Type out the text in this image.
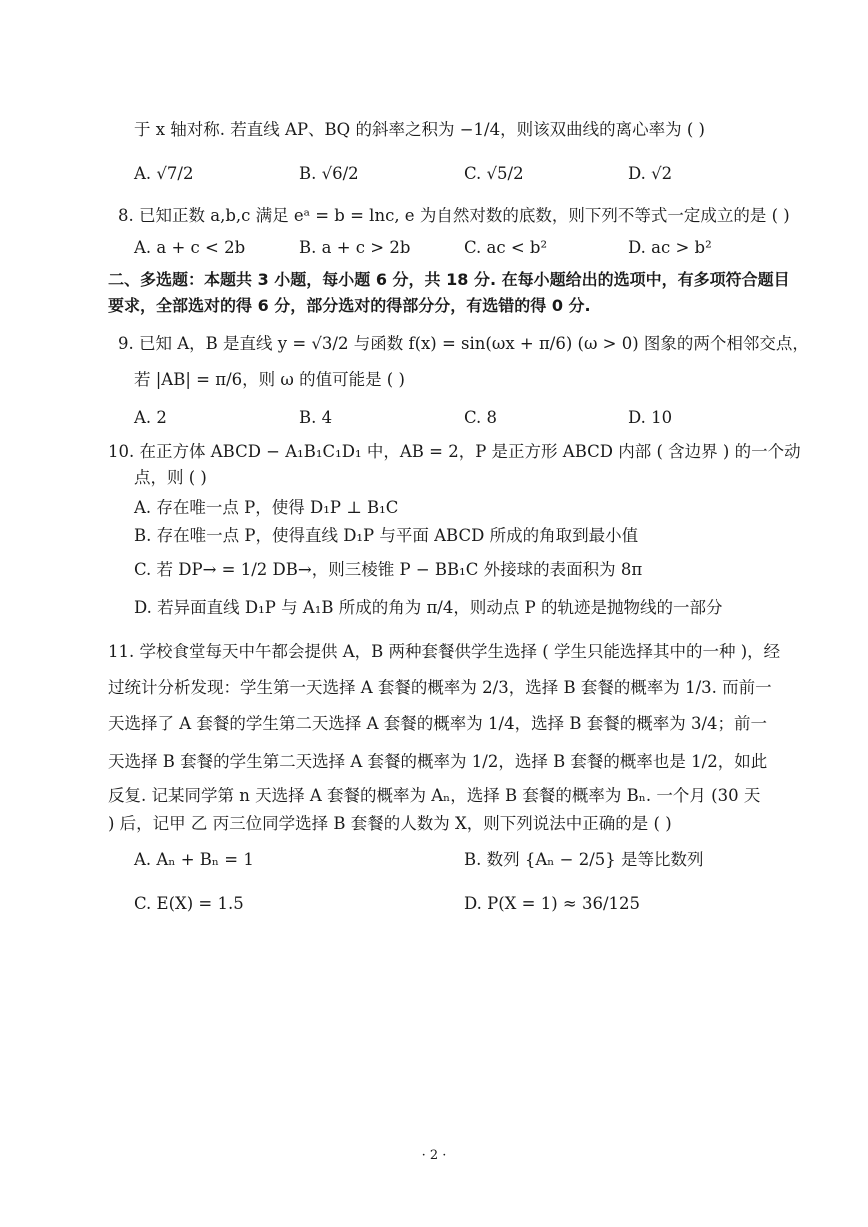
于 x 轴对称. 若直线 AP、BQ 的斜率之积为 −1/4，则该双曲线的离心率为 ( )
A. √7/2	B. √6/2	C. √5/2	D. √2
8. 已知正数 a,b,c 满足 eᵃ = b = lnc, e 为自然对数的底数，则下列不等式一定成立的是 ( )
A. a + c < 2b	B. a + c > 2b	C. ac < b²	D. ac > b²
二、多选题：本题共 3 小题，每小题 6 分，共 18 分. 在每小题给出的选项中，有多项符合题目
要求，全部选对的得 6 分，部分选对的得部分分，有选错的得 0 分.
9. 已知 A，B 是直线 y = √3/2 与函数 f(x) = sin(ωx + π/6) (ω > 0) 图象的两个相邻交点，
若 |AB| = π/6，则 ω 的值可能是 ( )
A. 2	B. 4	C. 8	D. 10
10. 在正方体 ABCD − A₁B₁C₁D₁ 中，AB = 2，P 是正方形 ABCD 内部 ( 含边界 ) 的一个动
点，则 ( )
A. 存在唯一点 P，使得 D₁P ⊥ B₁C
B. 存在唯一点 P，使得直线 D₁P 与平面 ABCD 所成的角取到最小值
C. 若 DP→ = 1/2 DB→，则三棱锥 P − BB₁C 外接球的表面积为 8π
D. 若异面直线 D₁P 与 A₁B 所成的角为 π/4，则动点 P 的轨迹是抛物线的一部分
11. 学校食堂每天中午都会提供 A，B 两种套餐供学生选择 ( 学生只能选择其中的一种 )，经
过统计分析发现：学生第一天选择 A 套餐的概率为 2/3，选择 B 套餐的概率为 1/3. 而前一
天选择了 A 套餐的学生第二天选择 A 套餐的概率为 1/4，选择 B 套餐的概率为 3/4；前一
天选择 B 套餐的学生第二天选择 A 套餐的概率为 1/2，选择 B 套餐的概率也是 1/2，如此
反复. 记某同学第 n 天选择 A 套餐的概率为 Aₙ，选择 B 套餐的概率为 Bₙ. 一个月 (30 天
) 后，记甲 乙 丙三位同学选择 B 套餐的人数为 X，则下列说法中正确的是 ( )
A. Aₙ + Bₙ = 1	B. 数列 {Aₙ − 2/5} 是等比数列
C. E(X) = 1.5	D. P(X = 1) ≈ 36/125
· 2 ·
